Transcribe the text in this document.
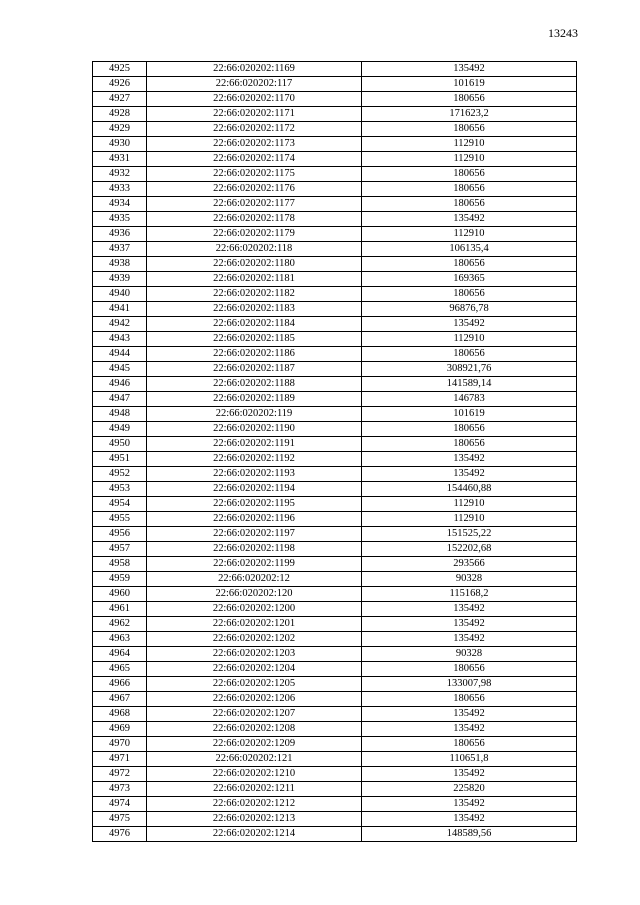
13243
4925	22:66:020202:1169	135492
4926	22:66:020202:117	101619
4927	22:66:020202:1170	180656
4928	22:66:020202:1171	171623,2
4929	22:66:020202:1172	180656
4930	22:66:020202:1173	112910
4931	22:66:020202:1174	112910
4932	22:66:020202:1175	180656
4933	22:66:020202:1176	180656
4934	22:66:020202:1177	180656
4935	22:66:020202:1178	135492
4936	22:66:020202:1179	112910
4937	22:66:020202:118	106135,4
4938	22:66:020202:1180	180656
4939	22:66:020202:1181	169365
4940	22:66:020202:1182	180656
4941	22:66:020202:1183	96876,78
4942	22:66:020202:1184	135492
4943	22:66:020202:1185	112910
4944	22:66:020202:1186	180656
4945	22:66:020202:1187	308921,76
4946	22:66:020202:1188	141589,14
4947	22:66:020202:1189	146783
4948	22:66:020202:119	101619
4949	22:66:020202:1190	180656
4950	22:66:020202:1191	180656
4951	22:66:020202:1192	135492
4952	22:66:020202:1193	135492
4953	22:66:020202:1194	154460,88
4954	22:66:020202:1195	112910
4955	22:66:020202:1196	112910
4956	22:66:020202:1197	151525,22
4957	22:66:020202:1198	152202,68
4958	22:66:020202:1199	293566
4959	22:66:020202:12	90328
4960	22:66:020202:120	115168,2
4961	22:66:020202:1200	135492
4962	22:66:020202:1201	135492
4963	22:66:020202:1202	135492
4964	22:66:020202:1203	90328
4965	22:66:020202:1204	180656
4966	22:66:020202:1205	133007,98
4967	22:66:020202:1206	180656
4968	22:66:020202:1207	135492
4969	22:66:020202:1208	135492
4970	22:66:020202:1209	180656
4971	22:66:020202:121	110651,8
4972	22:66:020202:1210	135492
4973	22:66:020202:1211	225820
4974	22:66:020202:1212	135492
4975	22:66:020202:1213	135492
4976	22:66:020202:1214	148589,56
